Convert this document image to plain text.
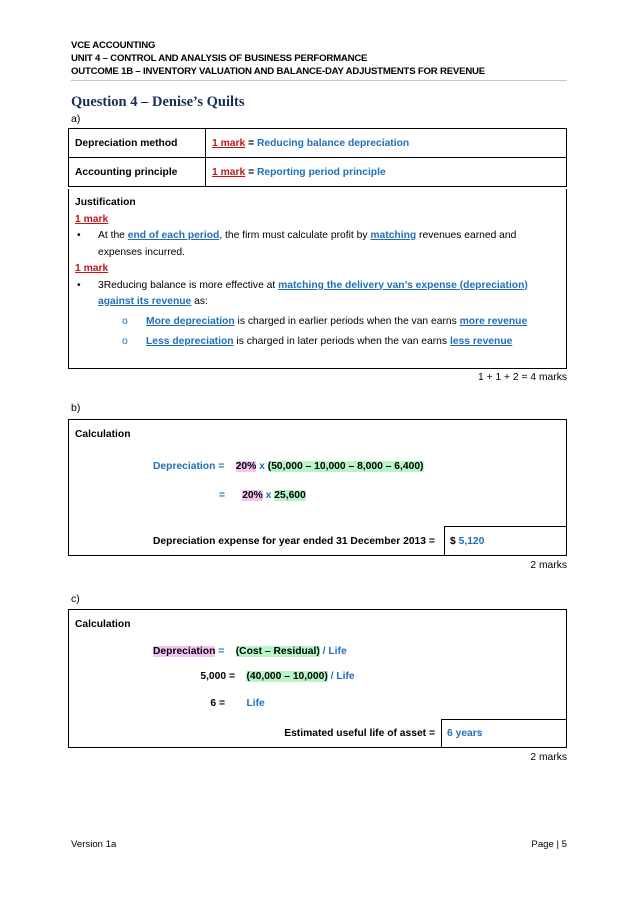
VCE ACCOUNTING
UNIT 4 – CONTROL AND ANALYSIS OF BUSINESS PERFORMANCE
OUTCOME 1B – INVENTORY VALUATION AND BALANCE-DAY ADJUSTMENTS FOR REVENUE
Question 4 – Denise’s Quilts
a)
Depreciation method	1 mark = Reducing balance depreciation
Accounting principle	1 mark = Reporting period principle
Justification
1 mark
• At the end of each period, the firm must calculate profit by matching revenues earned and expenses incurred.
1 mark
• 3Reducing balance is more effective at matching the delivery van’s expense (depreciation) against its revenue as:
o More depreciation is charged in earlier periods when the van earns more revenue
o Less depreciation is charged in later periods when the van earns less revenue
1 + 1 + 2 = 4 marks
b)
Calculation
Depreciation = 20% x (50,000 – 10,000 – 8,000 – 6,400)
= 20% x 25,600
Depreciation expense for year ended 31 December 2013 = $ 5,120
2 marks
c)
Calculation
Depreciation = (Cost – Residual) / Life
5,000 =	(40,000 – 10,000) / Life
6 =	Life
Estimated useful life of asset = 6 years
2 marks
Version 1a	Page | 5
